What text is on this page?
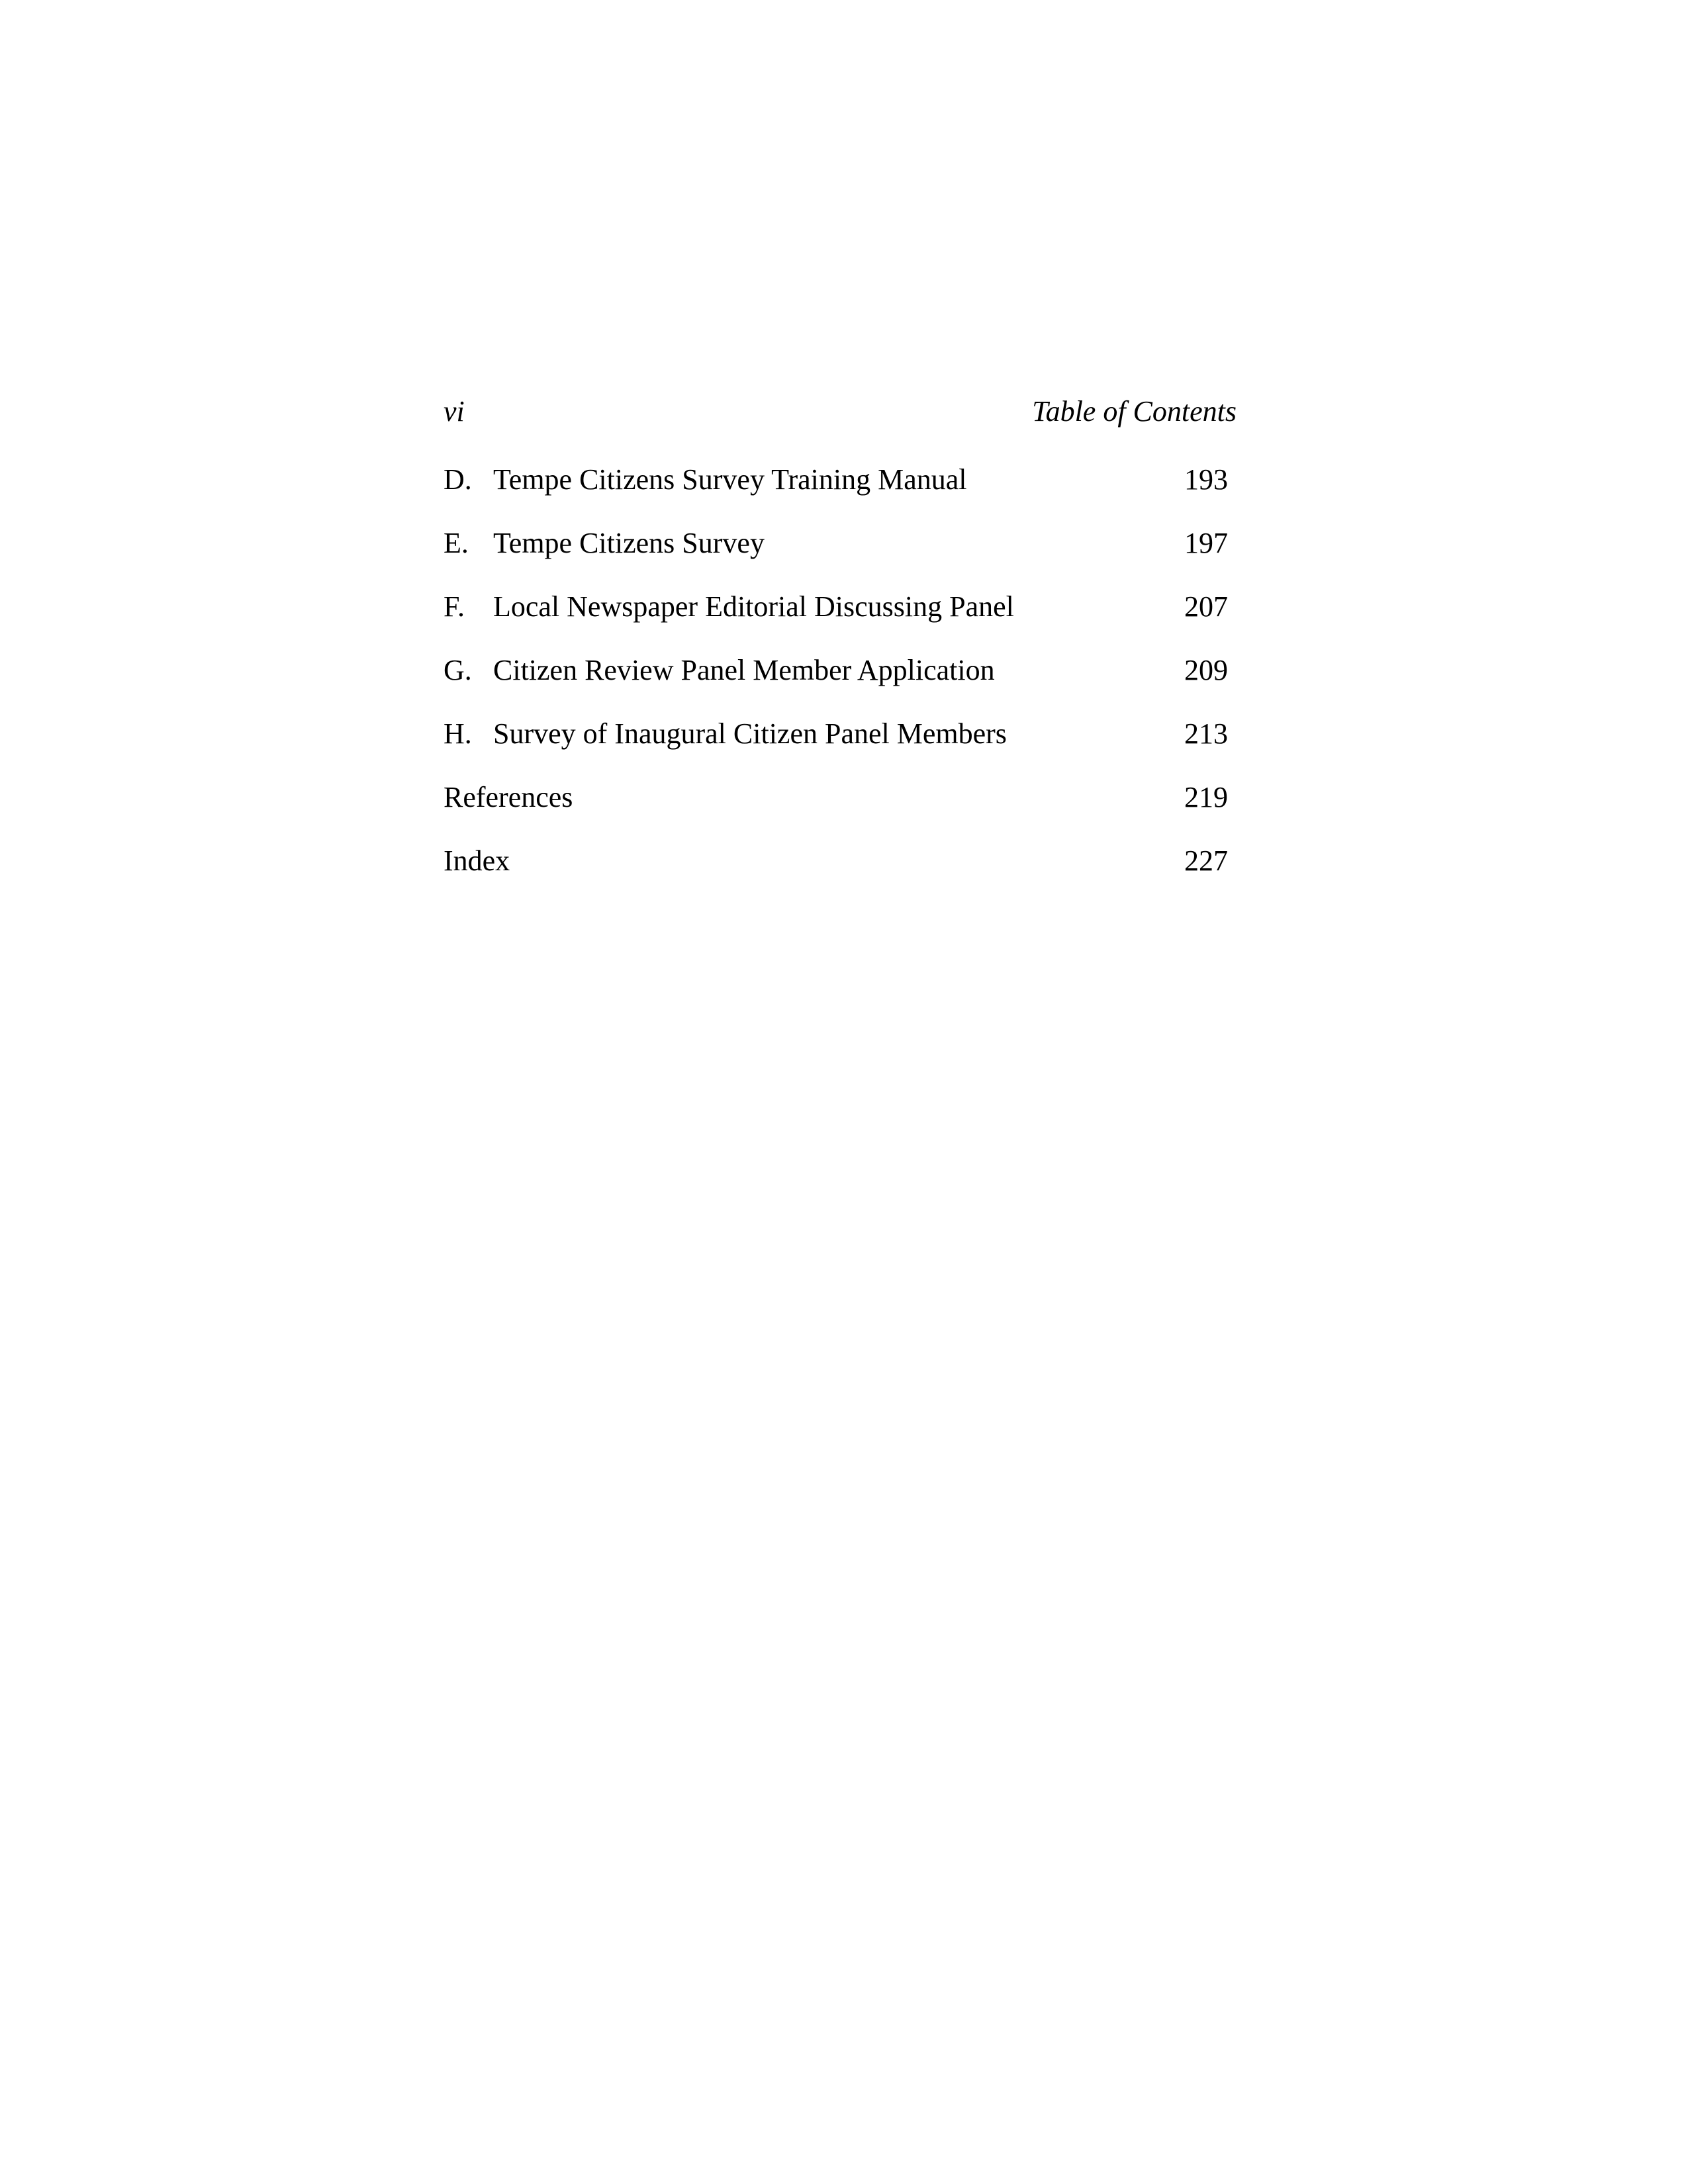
vi	Table of Contents
D. Tempe Citizens Survey Training Manual	193
E. Tempe Citizens Survey	197
F. Local Newspaper Editorial Discussing Panel	207
G. Citizen Review Panel Member Application	209
H. Survey of Inaugural Citizen Panel Members	213
References	219
Index	227
